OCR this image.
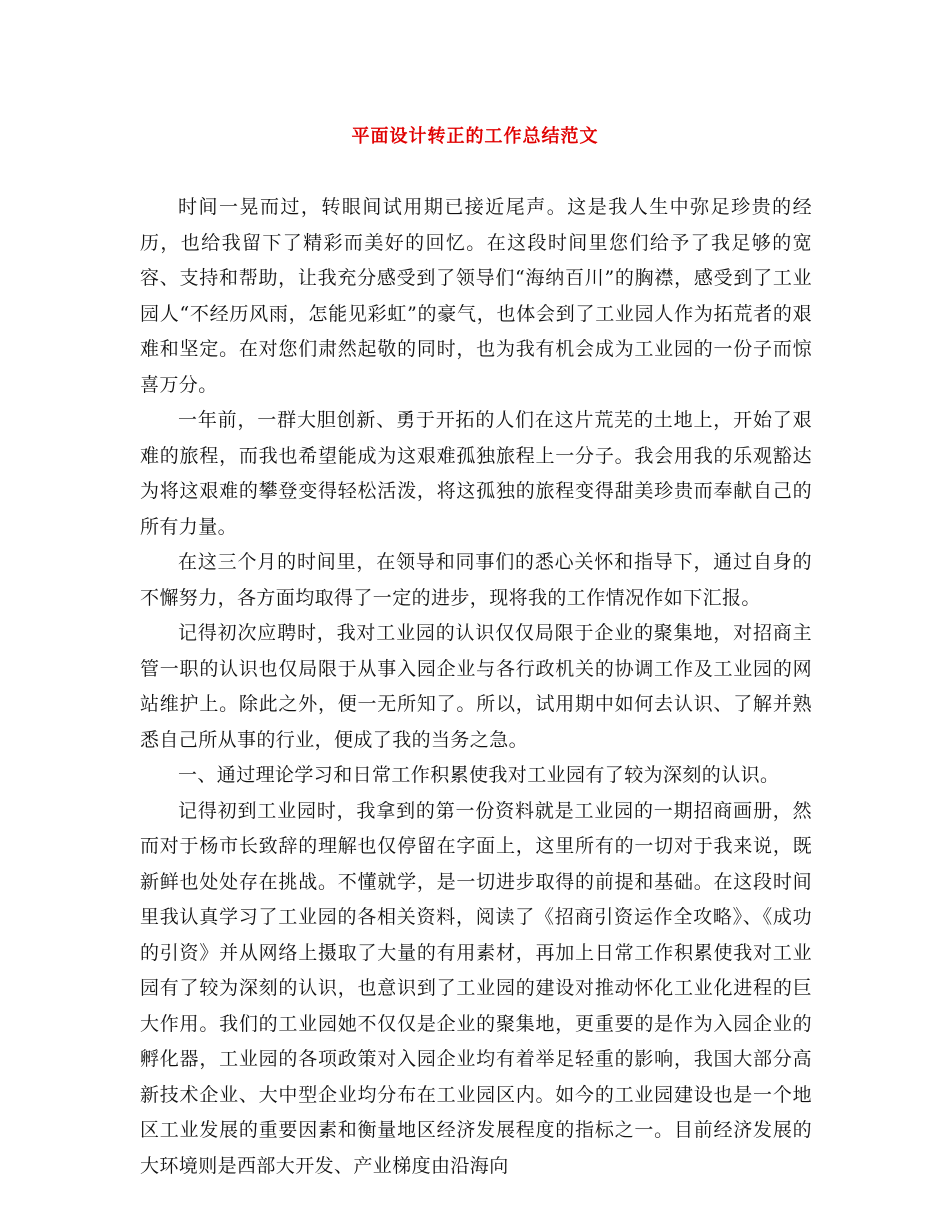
平面设计转正的工作总结范文

时间一晃而过，转眼间试用期已接近尾声。这是我人生中弥足珍贵的经历，也给我留下了精彩而美好的回忆。在这段时间里您们给予了我足够的宽容、支持和帮助，让我充分感受到了领导们“海纳百川”的胸襟，感受到了工业园人“不经历风雨，怎能见彩虹”的豪气，也体会到了工业园人作为拓荒者的艰难和坚定。在对您们肃然起敬的同时，也为我有机会成为工业园的一份子而惊喜万分。

一年前，一群大胆创新、勇于开拓的人们在这片荒芜的土地上，开始了艰难的旅程，而我也希望能成为这艰难孤独旅程上一分子。我会用我的乐观豁达为将这艰难的攀登变得轻松活泼，将这孤独的旅程变得甜美珍贵而奉献自己的所有力量。

在这三个月的时间里，在领导和同事们的悉心关怀和指导下，通过自身的不懈努力，各方面均取得了一定的进步，现将我的工作情况作如下汇报。

记得初次应聘时，我对工业园的认识仅仅局限于企业的聚集地，对招商主管一职的认识也仅局限于从事入园企业与各行政机关的协调工作及工业园的网站维护上。除此之外，便一无所知了。所以，试用期中如何去认识、了解并熟悉自己所从事的行业，便成了我的当务之急。

一、通过理论学习和日常工作积累使我对工业园有了较为深刻的认识。

记得初到工业园时，我拿到的第一份资料就是工业园的一期招商画册，然而对于杨市长致辞的理解也仅停留在字面上，这里所有的一切对于我来说，既新鲜也处处存在挑战。不懂就学，是一切进步取得的前提和基础。在这段时间里我认真学习了工业园的各相关资料，阅读了《招商引资运作全攻略》、《成功的引资》并从网络上摄取了大量的有用素材，再加上日常工作积累使我对工业园有了较为深刻的认识，也意识到了工业园的建设对推动怀化工业化进程的巨大作用。我们的工业园她不仅仅是企业的聚集地，更重要的是作为入园企业的孵化器，工业园的各项政策对入园企业均有着举足轻重的影响，我国大部分高新技术企业、大中型企业均分布在工业园区内。如今的工业园建设也是一个地区工业发展的重要因素和衡量地区经济发展程度的指标之一。目前经济发展的大环境则是西部大开发、产业梯度由沿海向
